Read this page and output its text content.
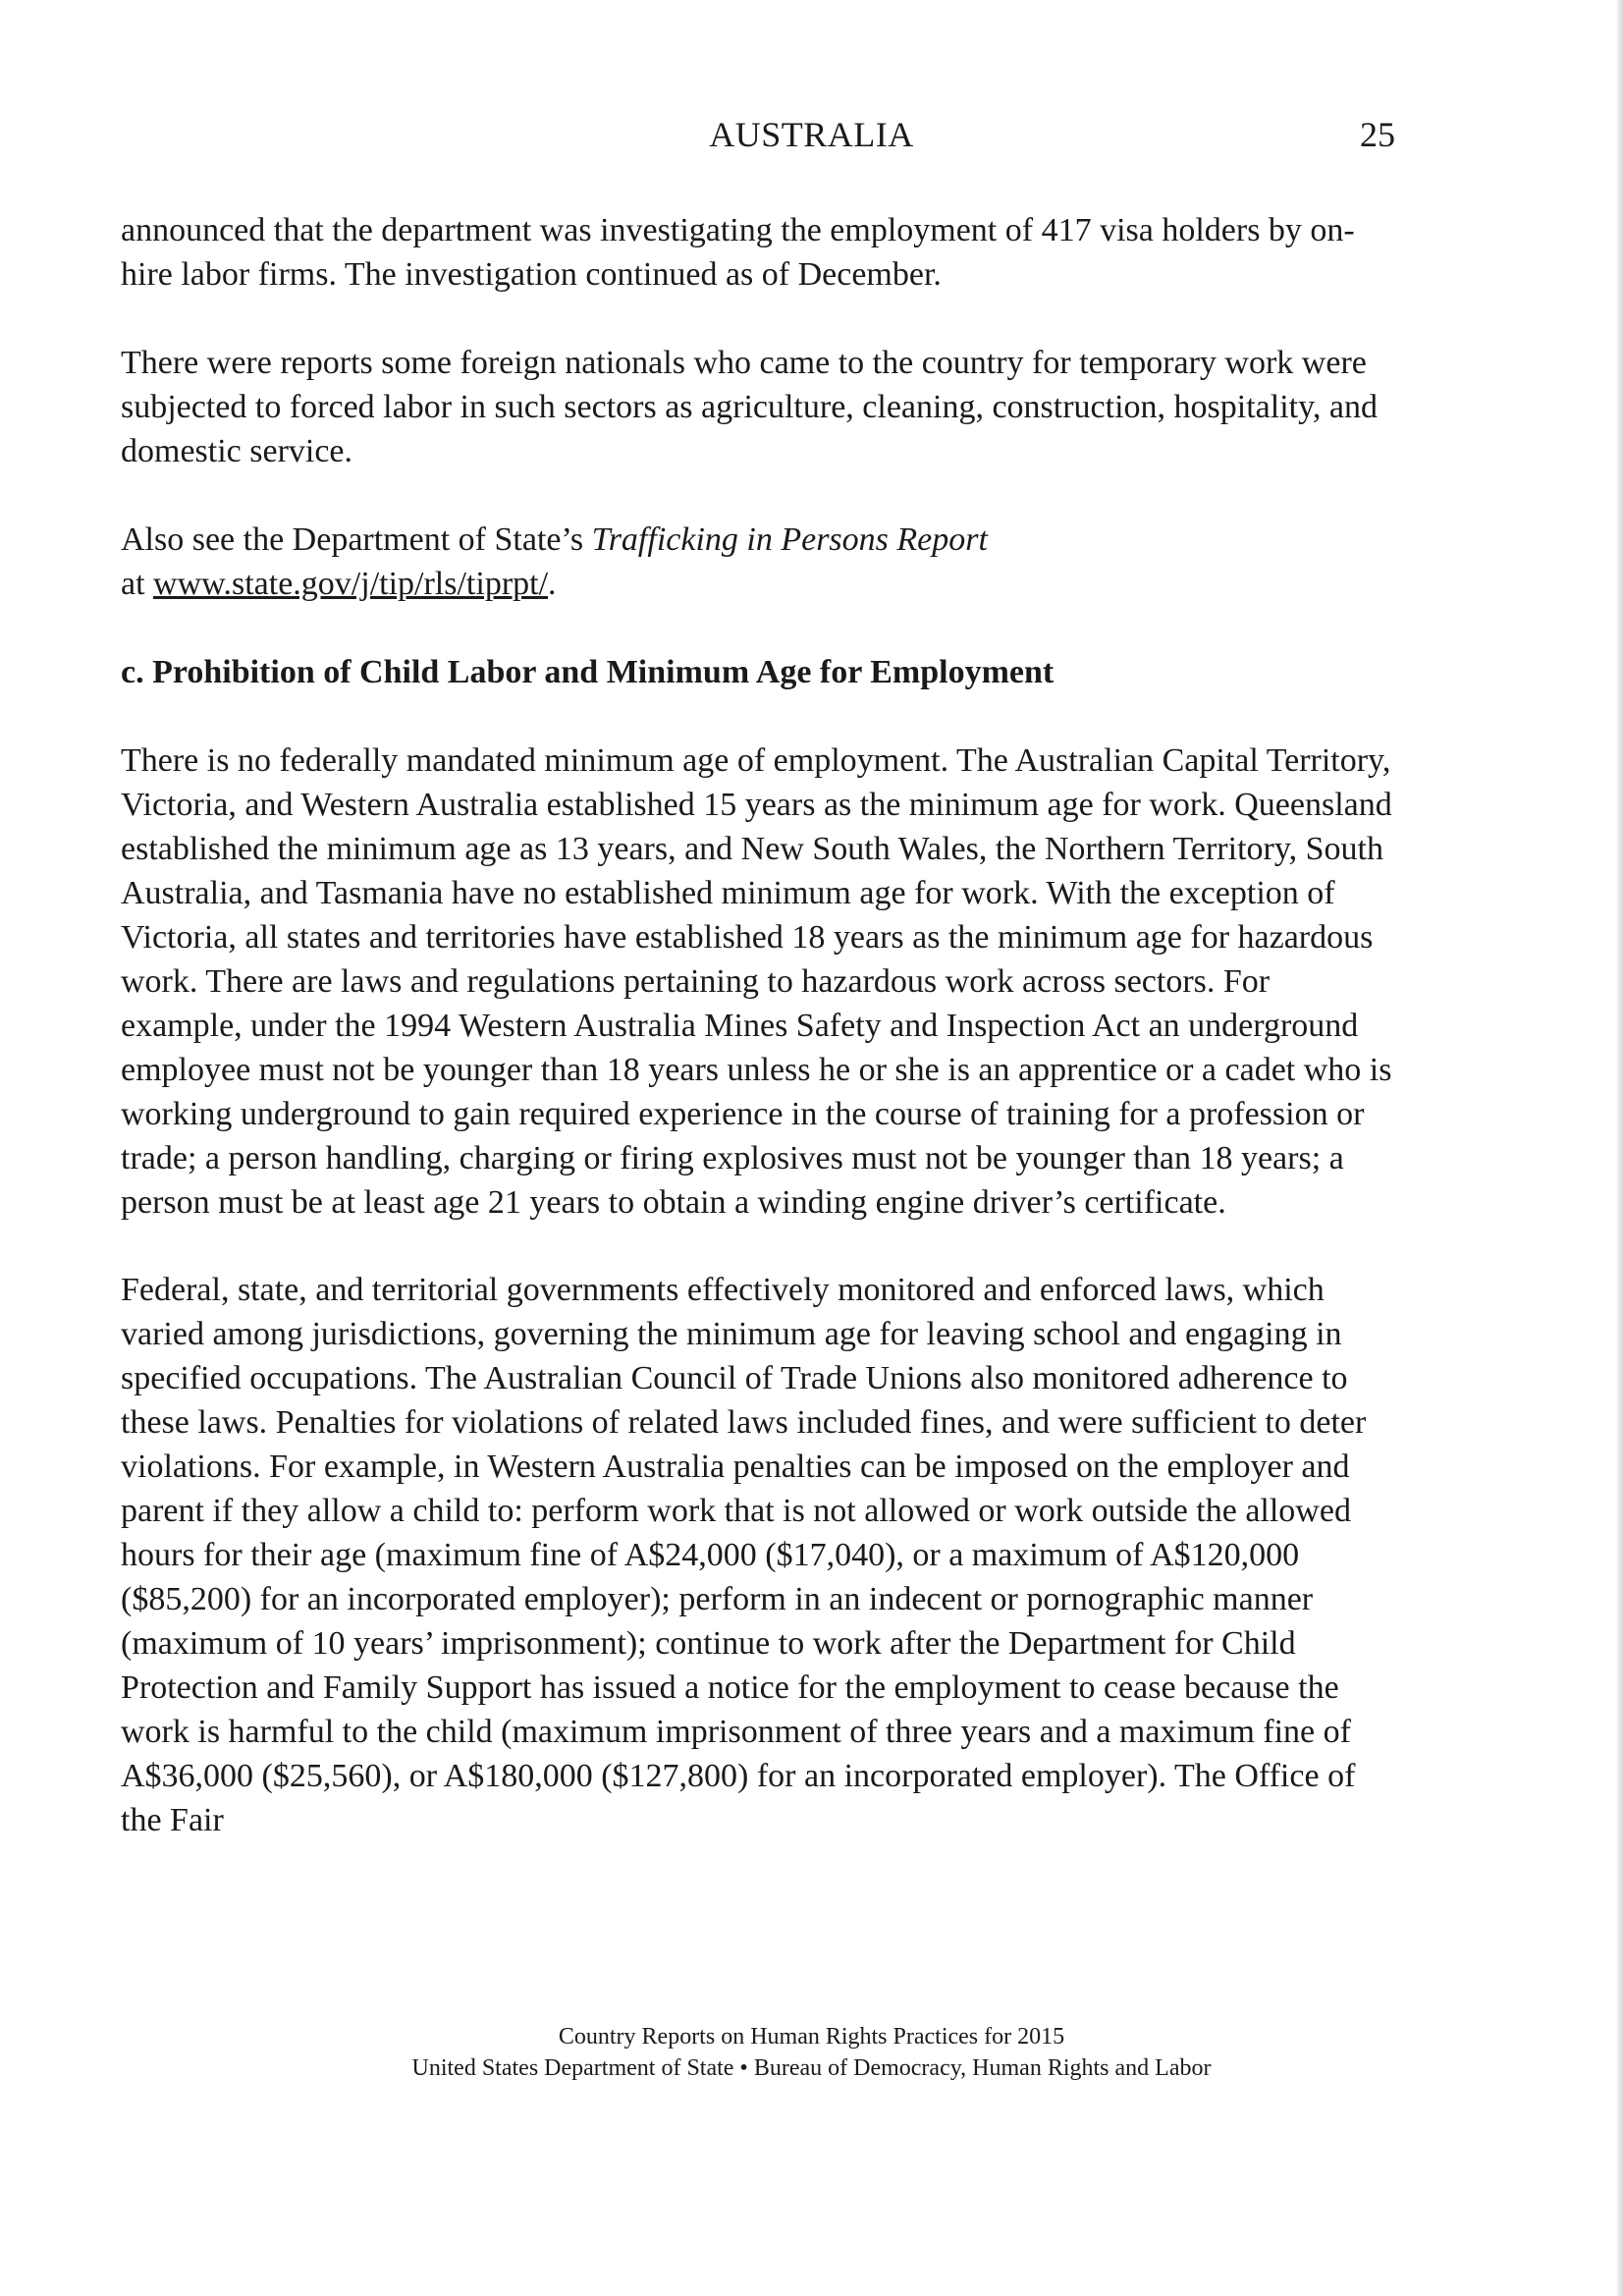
AUSTRALIA	25

announced that the department was investigating the employment of 417 visa holders by on-hire labor firms. The investigation continued as of December.

There were reports some foreign nationals who came to the country for temporary work were subjected to forced labor in such sectors as agriculture, cleaning, construction, hospitality, and domestic service.

Also see the Department of State’s Trafficking in Persons Report
at www.state.gov/j/tip/rls/tiprpt/.

c. Prohibition of Child Labor and Minimum Age for Employment

There is no federally mandated minimum age of employment. The Australian Capital Territory, Victoria, and Western Australia established 15 years as the minimum age for work. Queensland established the minimum age as 13 years, and New South Wales, the Northern Territory, South Australia, and Tasmania have no established minimum age for work. With the exception of Victoria, all states and territories have established 18 years as the minimum age for hazardous work. There are laws and regulations pertaining to hazardous work across sectors. For example, under the 1994 Western Australia Mines Safety and Inspection Act an underground employee must not be younger than 18 years unless he or she is an apprentice or a cadet who is working underground to gain required experience in the course of training for a profession or trade; a person handling, charging or firing explosives must not be younger than 18 years; a person must be at least age 21 years to obtain a winding engine driver’s certificate.

Federal, state, and territorial governments effectively monitored and enforced laws, which varied among jurisdictions, governing the minimum age for leaving school and engaging in specified occupations. The Australian Council of Trade Unions also monitored adherence to these laws. Penalties for violations of related laws included fines, and were sufficient to deter violations. For example, in Western Australia penalties can be imposed on the employer and parent if they allow a child to: perform work that is not allowed or work outside the allowed hours for their age (maximum fine of A$24,000 ($17,040), or a maximum of A$120,000 ($85,200) for an incorporated employer); perform in an indecent or pornographic manner (maximum of 10 years’ imprisonment); continue to work after the Department for Child Protection and Family Support has issued a notice for the employment to cease because the work is harmful to the child (maximum imprisonment of three years and a maximum fine of A$36,000 ($25,560), or A$180,000 ($127,800) for an incorporated employer). The Office of the Fair

Country Reports on Human Rights Practices for 2015
United States Department of State • Bureau of Democracy, Human Rights and Labor
